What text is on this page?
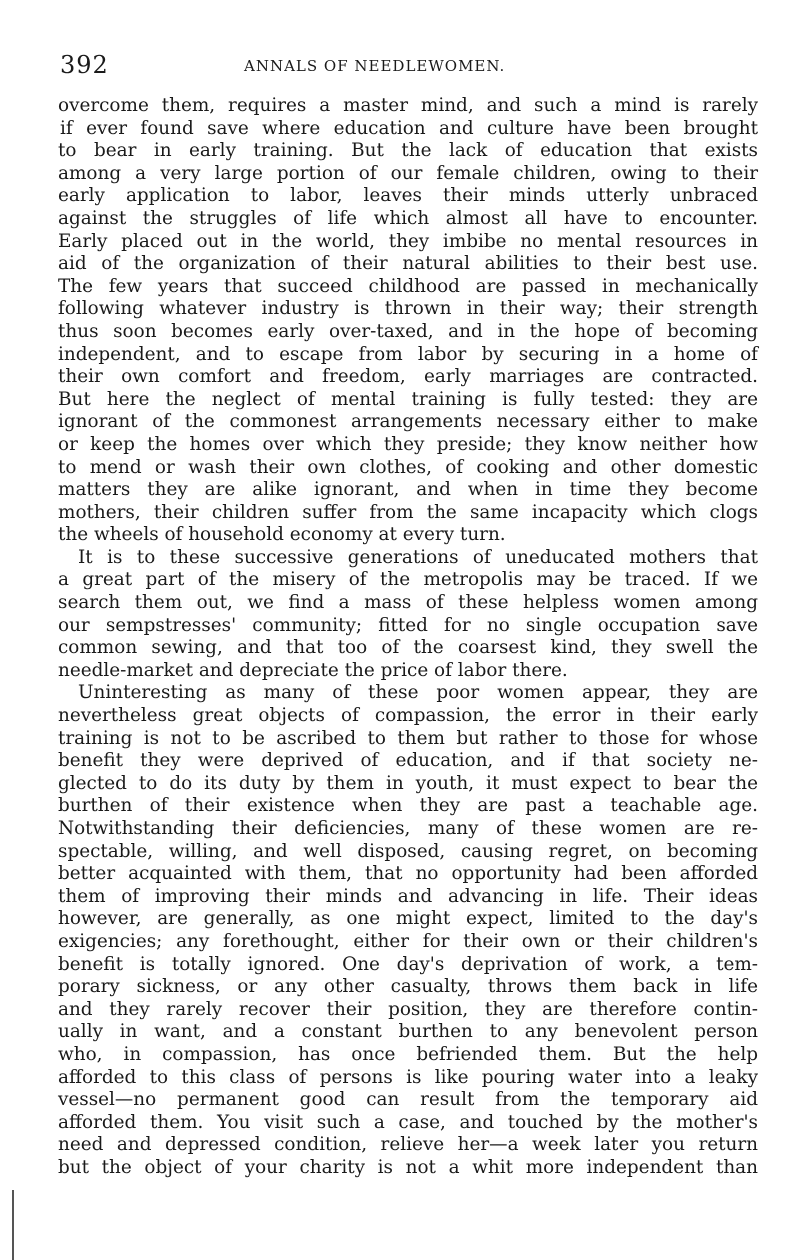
392	ANNALS OF NEEDLEWOMEN.
overcome them, requires a master mind, and such a mind is rarely
if ever found save where education and culture have been brought
to bear in early training. But the lack of education that exists
among a very large portion of our female children, owing to their
early application to labor, leaves their minds utterly unbraced
against the struggles of life which almost all have to encounter.
Early placed out in the world, they imbibe no mental resources in
aid of the organization of their natural abilities to their best use.
The few years that succeed childhood are passed in mechanically
following whatever industry is thrown in their way; their strength
thus soon becomes early over-taxed, and in the hope of becoming
independent, and to escape from labor by securing in a home of
their own comfort and freedom, early marriages are contracted.
But here the neglect of mental training is fully tested: they are
ignorant of the commonest arrangements necessary either to make
or keep the homes over which they preside; they know neither how
to mend or wash their own clothes, of cooking and other domestic
matters they are alike ignorant, and when in time they become
mothers, their children suffer from the same incapacity which clogs
the wheels of household economy at every turn.
It is to these successive generations of uneducated mothers that
a great part of the misery of the metropolis may be traced. If we
search them out, we find a mass of these helpless women among
our sempstresses' community; fitted for no single occupation save
common sewing, and that too of the coarsest kind, they swell the
needle-market and depreciate the price of labor there.
Uninteresting as many of these poor women appear, they are
nevertheless great objects of compassion, the error in their early
training is not to be ascribed to them but rather to those for whose
benefit they were deprived of education, and if that society ne-
glected to do its duty by them in youth, it must expect to bear the
burthen of their existence when they are past a teachable age.
Notwithstanding their deficiencies, many of these women are re-
spectable, willing, and well disposed, causing regret, on becoming
better acquainted with them, that no opportunity had been afforded
them of improving their minds and advancing in life. Their ideas
however, are generally, as one might expect, limited to the day's
exigencies; any forethought, either for their own or their children's
benefit is totally ignored. One day's deprivation of work, a tem-
porary sickness, or any other casualty, throws them back in life
and they rarely recover their position, they are therefore contin-
ually in want, and a constant burthen to any benevolent person
who, in compassion, has once befriended them. But the help
afforded to this class of persons is like pouring water into a leaky
vessel—no permanent good can result from the temporary aid
afforded them. You visit such a case, and touched by the mother's
need and depressed condition, relieve her—a week later you return
but the object of your charity is not a whit more independent than
